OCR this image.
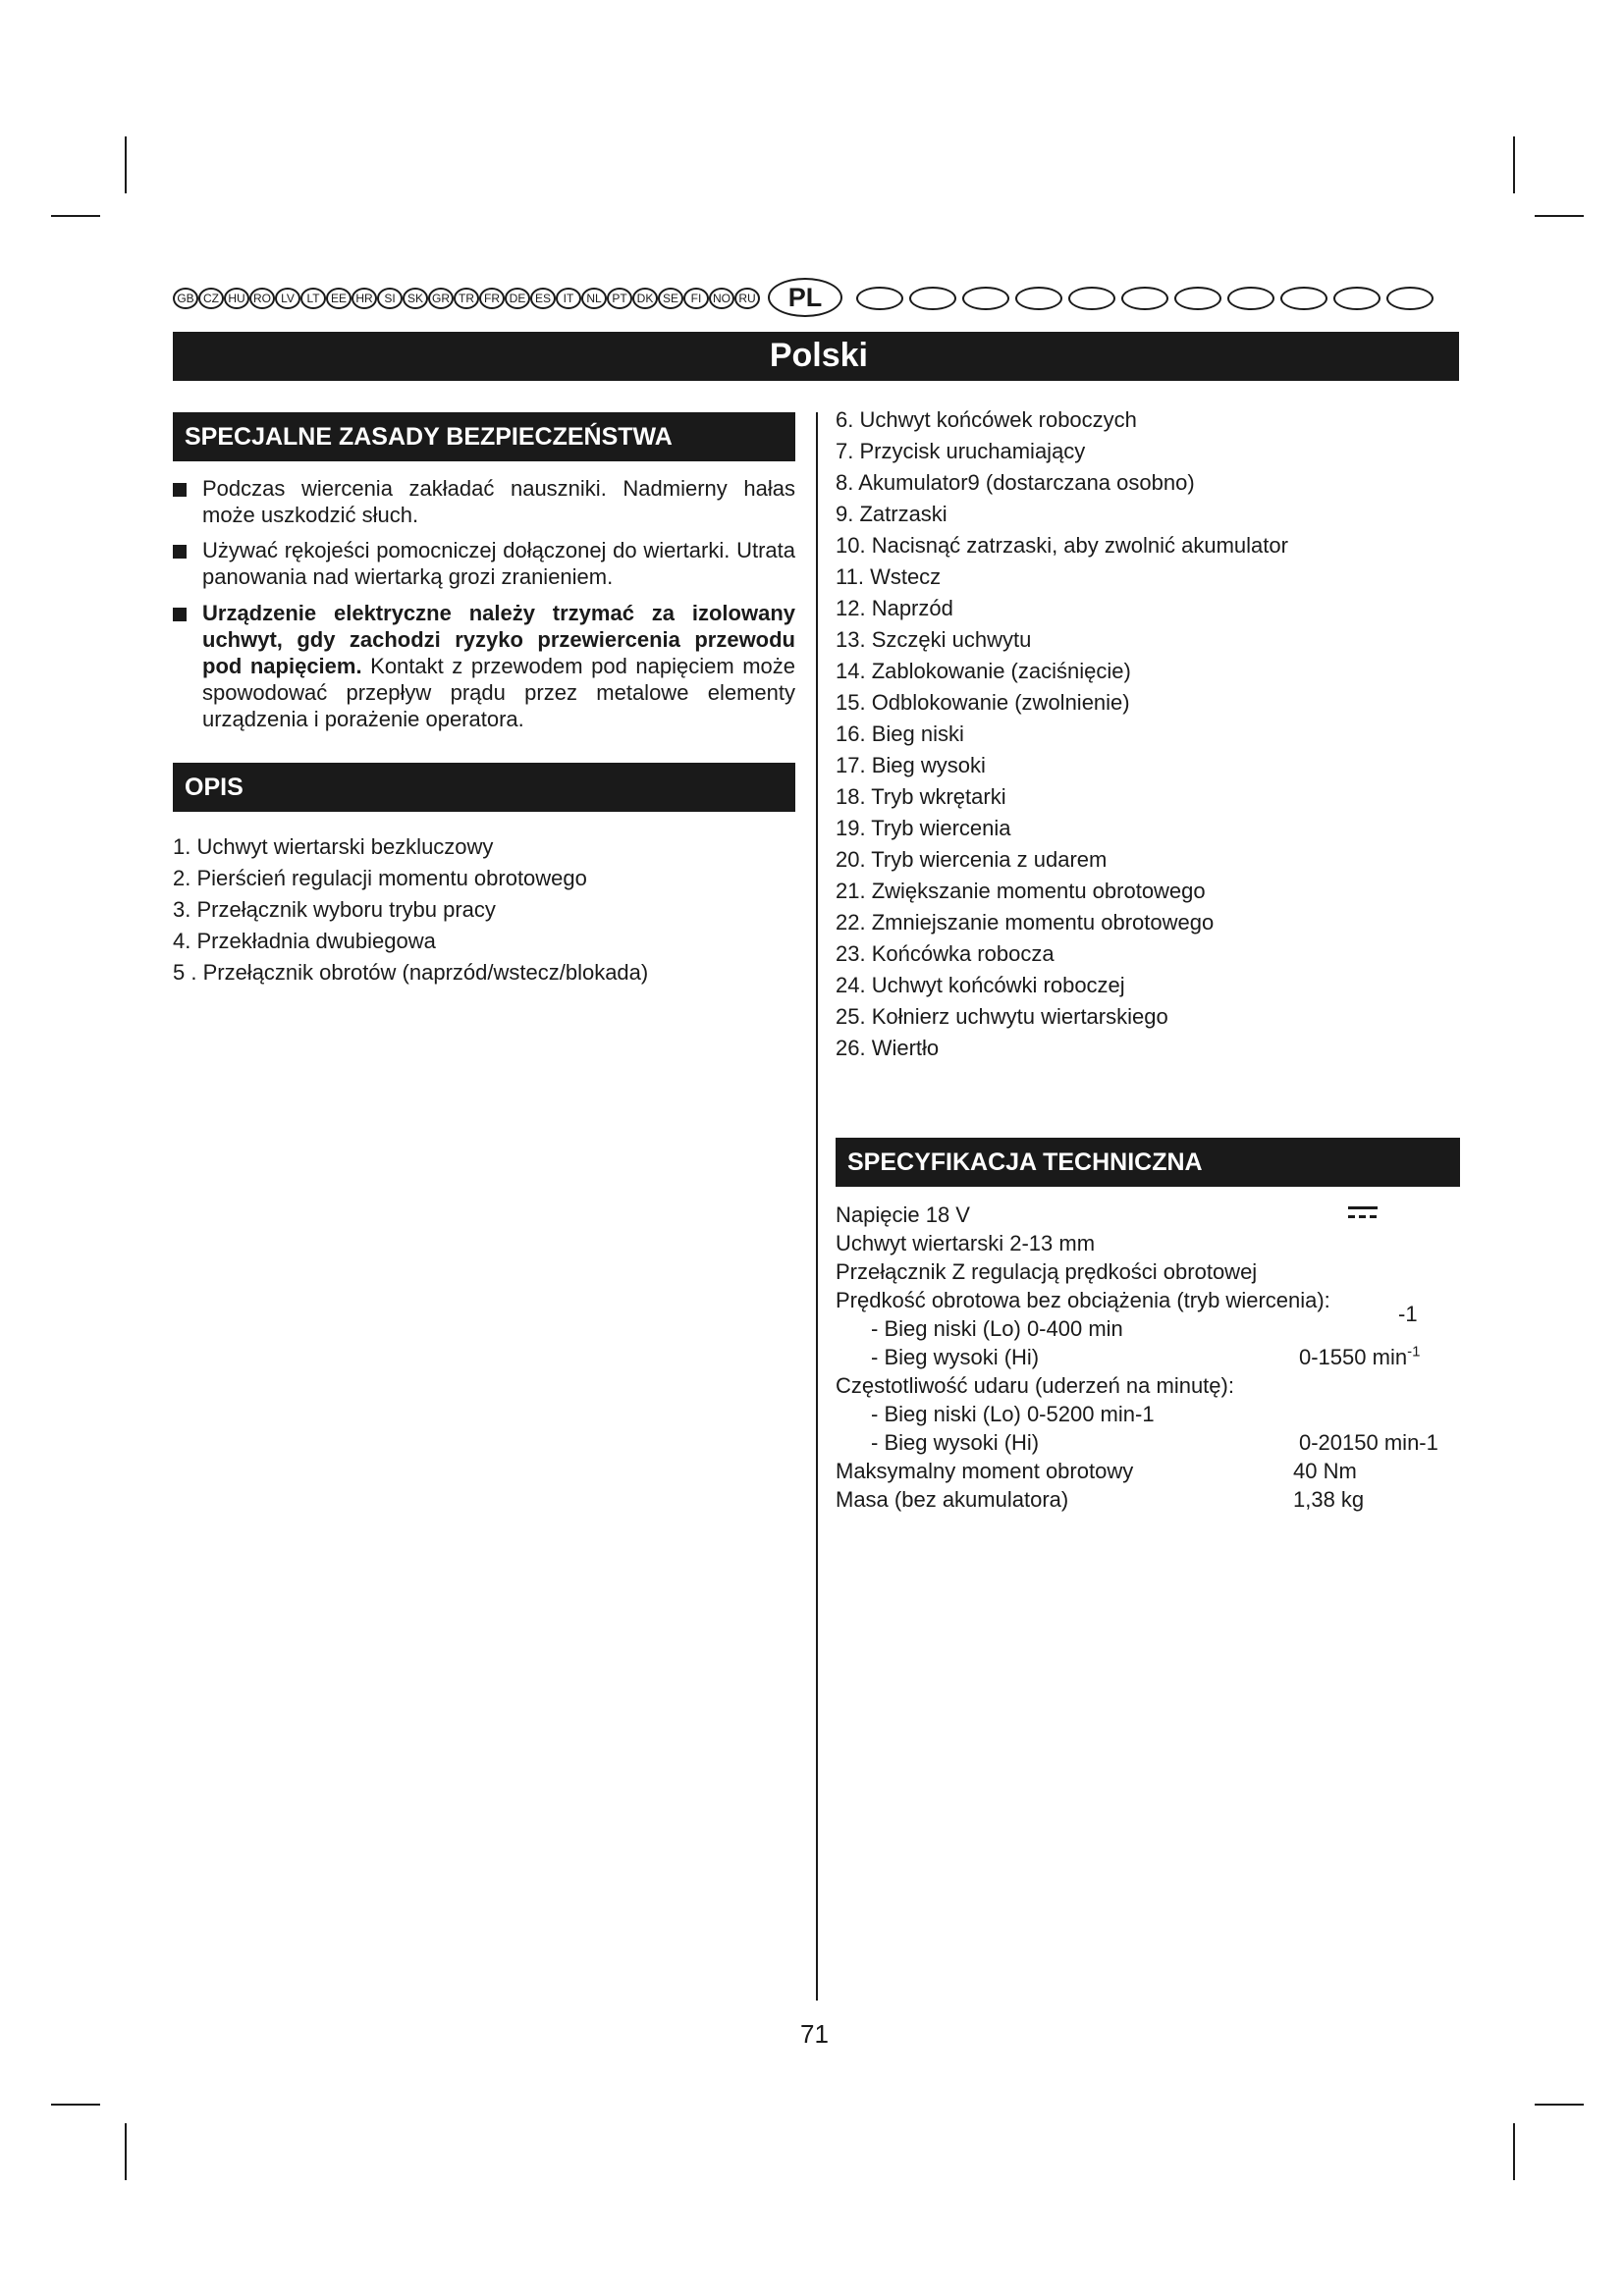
GB CZ HU RO LV	LT EE HR SI	SK GR TR FR DE ES	IT	NL PT DK SE	FI NO RU	PL
Polski
SPECJALNE ZASADY BEZPIECZEŃSTWA
Podczas wiercenia zakładać nauszniki. Nadmierny hałas może uszkodzić słuch.
Używać rękojeści pomocniczej dołączonej do wiertarki. Utrata panowania nad wiertarką grozi zranieniem.
Urządzenie elektryczne należy trzymać za izolowany uchwyt, gdy zachodzi ryzyko przewiercenia przewodu pod napięciem. Kontakt z przewodem pod napięciem może spowodować przepływ prądu przez metalowe elementy urządzenia i porażenie operatora.
OPIS

1. Uchwyt wiertarski bezkluczowy

2. Pierścień regulacji momentu obrotowego

3. Przełącznik wyboru trybu pracy

4. Przekładnia dwubiegowa

5 . Przełącznik obrotów (naprzód/wstecz/blokada)

6. Uchwyt końcówek roboczych

7. Przycisk uruchamiający

8. Akumulator9 (dostarczana osobno)

9. Zatrzaski

10. Nacisnąć zatrzaski, aby zwolnić akumulator

11. Wstecz

12. Naprzód

13. Szczęki uchwytu

14. Zablokowanie (zaciśnięcie)

15. Odblokowanie (zwolnienie)

16. Bieg niski

17. Bieg wysoki

18. Tryb wkrętarki

19. Tryb wiercenia

20. Tryb wiercenia z udarem

21. Zwiększanie momentu obrotowego

22. Zmniejszanie momentu obrotowego

23. Końcówka robocza

24. Uchwyt końcówki roboczej

25. Kołnierz uchwytu wiertarskiego

26. Wiertło

SPECYFIKACJA TECHNICZNA
Napięcie 18 V
Uchwyt wiertarski 2-13 mm
Przełącznik Z regulacją prędkości obrotowej
Prędkość obrotowa bez obciążenia (tryb wiercenia):
-1
- Bieg niski (Lo) 0-400 min
- Bieg wysoki (Hi)	0-1550 $\min^{-1}$
Częstotliwość udaru (uderzeń na minutę):
- Bieg niski (Lo) 0-5200 min-1
- Bieg wysoki (Hi)	0-20150 min-1
Maksymalny moment obrotowy	40 Nm
Masa (bez akumulatora)	1,38 kg
71
